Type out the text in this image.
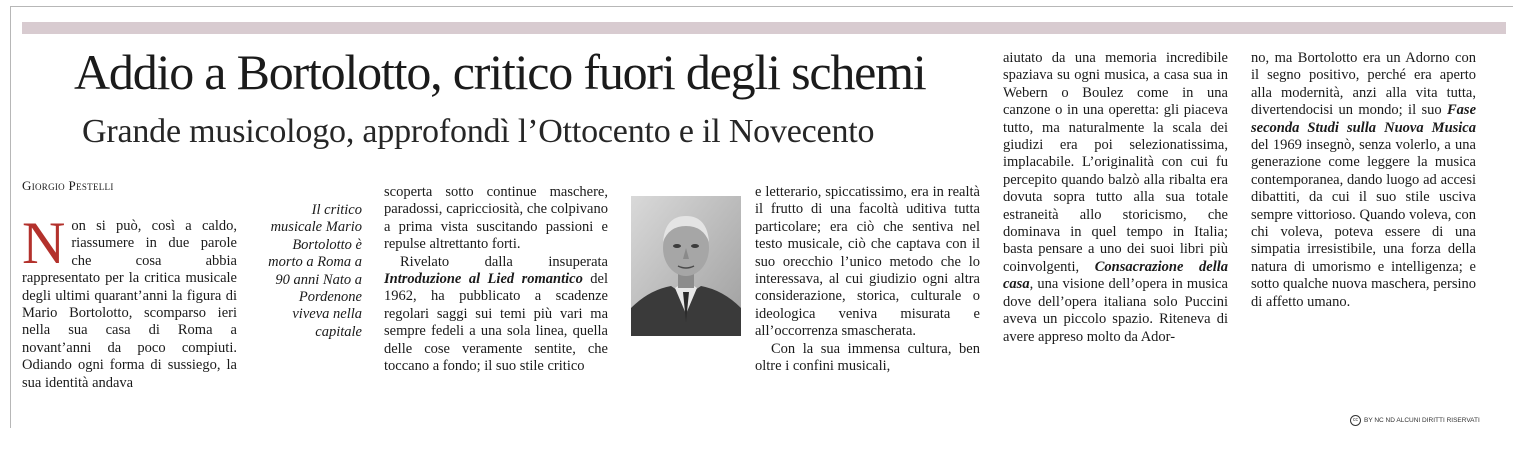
Addio a Bortolotto, critico fuori degli schemi
Grande musicologo, approfondì l’Ottocento e il Novecento
Giorgio Pestelli

Non si può, così a caldo, riassumere in due parole che cosa abbia rappresentato per la critica musicale degli ultimi quarant’anni la figura di Mario Bortolotto, scomparso ieri nella sua casa di Roma a novant’anni da poco compiuti. Odiando ogni forma di sussiego, la sua identità andava

Il critico musicale Mario Bortolotto è morto a Roma a 90 anni Nato a Pordenone viveva nella capitale

scoperta sotto continue maschere, paradossi, capricciosità, che colpivano a prima vista suscitando passioni e repulse altrettanto forti.

Rivelato dalla insuperata Introduzione al Lied romantico del 1962, ha pubblicato a scadenze regolari saggi sui temi più vari ma sempre fedeli a una sola linea, quella delle cose veramente sentite, che toccano a fondo; il suo stile critico

e letterario, spiccatissimo, era in realtà il frutto di una facoltà uditiva tutta particolare; era ciò che sentiva nel testo musicale, ciò che captava con il suo orecchio l’unico metodo che lo interessava, al cui giudizio ogni altra considerazione, storica, culturale o ideologica veniva misurata e all’occorrenza smascherata.

Con la sua immensa cultura, ben oltre i confini musicali,

aiutato da una memoria incredibile spaziava su ogni musica, a casa sua in Webern o Boulez come in una canzone o in una operetta: gli piaceva tutto, ma naturalmente la scala dei giudizi era poi selezionatissima, implacabile. L’originalità con cui fu percepito quando balzò alla ribalta era dovuta sopra tutto alla sua totale estraneità allo storicismo, che dominava in quel tempo in Italia; basta pensare a uno dei suoi libri più coinvolgenti, Consacrazione della casa, una visione dell’opera in musica dove dell’opera italiana solo Puccini aveva un piccolo spazio. Riteneva di avere appreso molto da Ador-

no, ma Bortolotto era un Adorno con il segno positivo, perché era aperto alla modernità, anzi alla vita tutta, divertendocisi un mondo; il suo Fase seconda Studi sulla Nuova Musica del 1969 insegnò, senza volerlo, a una generazione come leggere la musica contemporanea, dando luogo ad accesi dibattiti, da cui il suo stile usciva sempre vittorioso. Quando voleva, con chi voleva, poteva essere di una simpatia irresistibile, una forza della natura di umorismo e intelligenza; e sotto qualche nuova maschera, persino di affetto umano.

cc BY NC ND ALCUNI DIRITTI RISERVATI
